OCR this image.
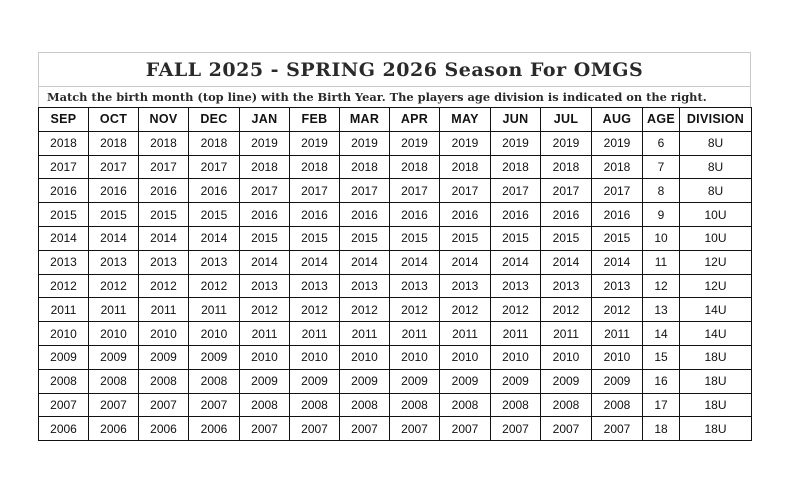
FALL 2025 - SPRING 2026 Season For OMGS
Match the birth month (top line) with the Birth Year. The players age division is indicated on the right.
SEP	OCT	NOV	DEC	JAN	FEB	MAR	APR	MAY	JUN	JUL	AUG	AGE	DIVISION
2018	2018	2018	2018	2019	2019	2019	2019	2019	2019	2019	2019	6	8U
2017	2017	2017	2017	2018	2018	2018	2018	2018	2018	2018	2018	7	8U
2016	2016	2016	2016	2017	2017	2017	2017	2017	2017	2017	2017	8	8U
2015	2015	2015	2015	2016	2016	2016	2016	2016	2016	2016	2016	9	10U
2014	2014	2014	2014	2015	2015	2015	2015	2015	2015	2015	2015	10	10U
2013	2013	2013	2013	2014	2014	2014	2014	2014	2014	2014	2014	11	12U
2012	2012	2012	2012	2013	2013	2013	2013	2013	2013	2013	2013	12	12U
2011	2011	2011	2011	2012	2012	2012	2012	2012	2012	2012	2012	13	14U
2010	2010	2010	2010	2011	2011	2011	2011	2011	2011	2011	2011	14	14U
2009	2009	2009	2009	2010	2010	2010	2010	2010	2010	2010	2010	15	18U
2008	2008	2008	2008	2009	2009	2009	2009	2009	2009	2009	2009	16	18U
2007	2007	2007	2007	2008	2008	2008	2008	2008	2008	2008	2008	17	18U
2006	2006	2006	2006	2007	2007	2007	2007	2007	2007	2007	2007	18	18U
